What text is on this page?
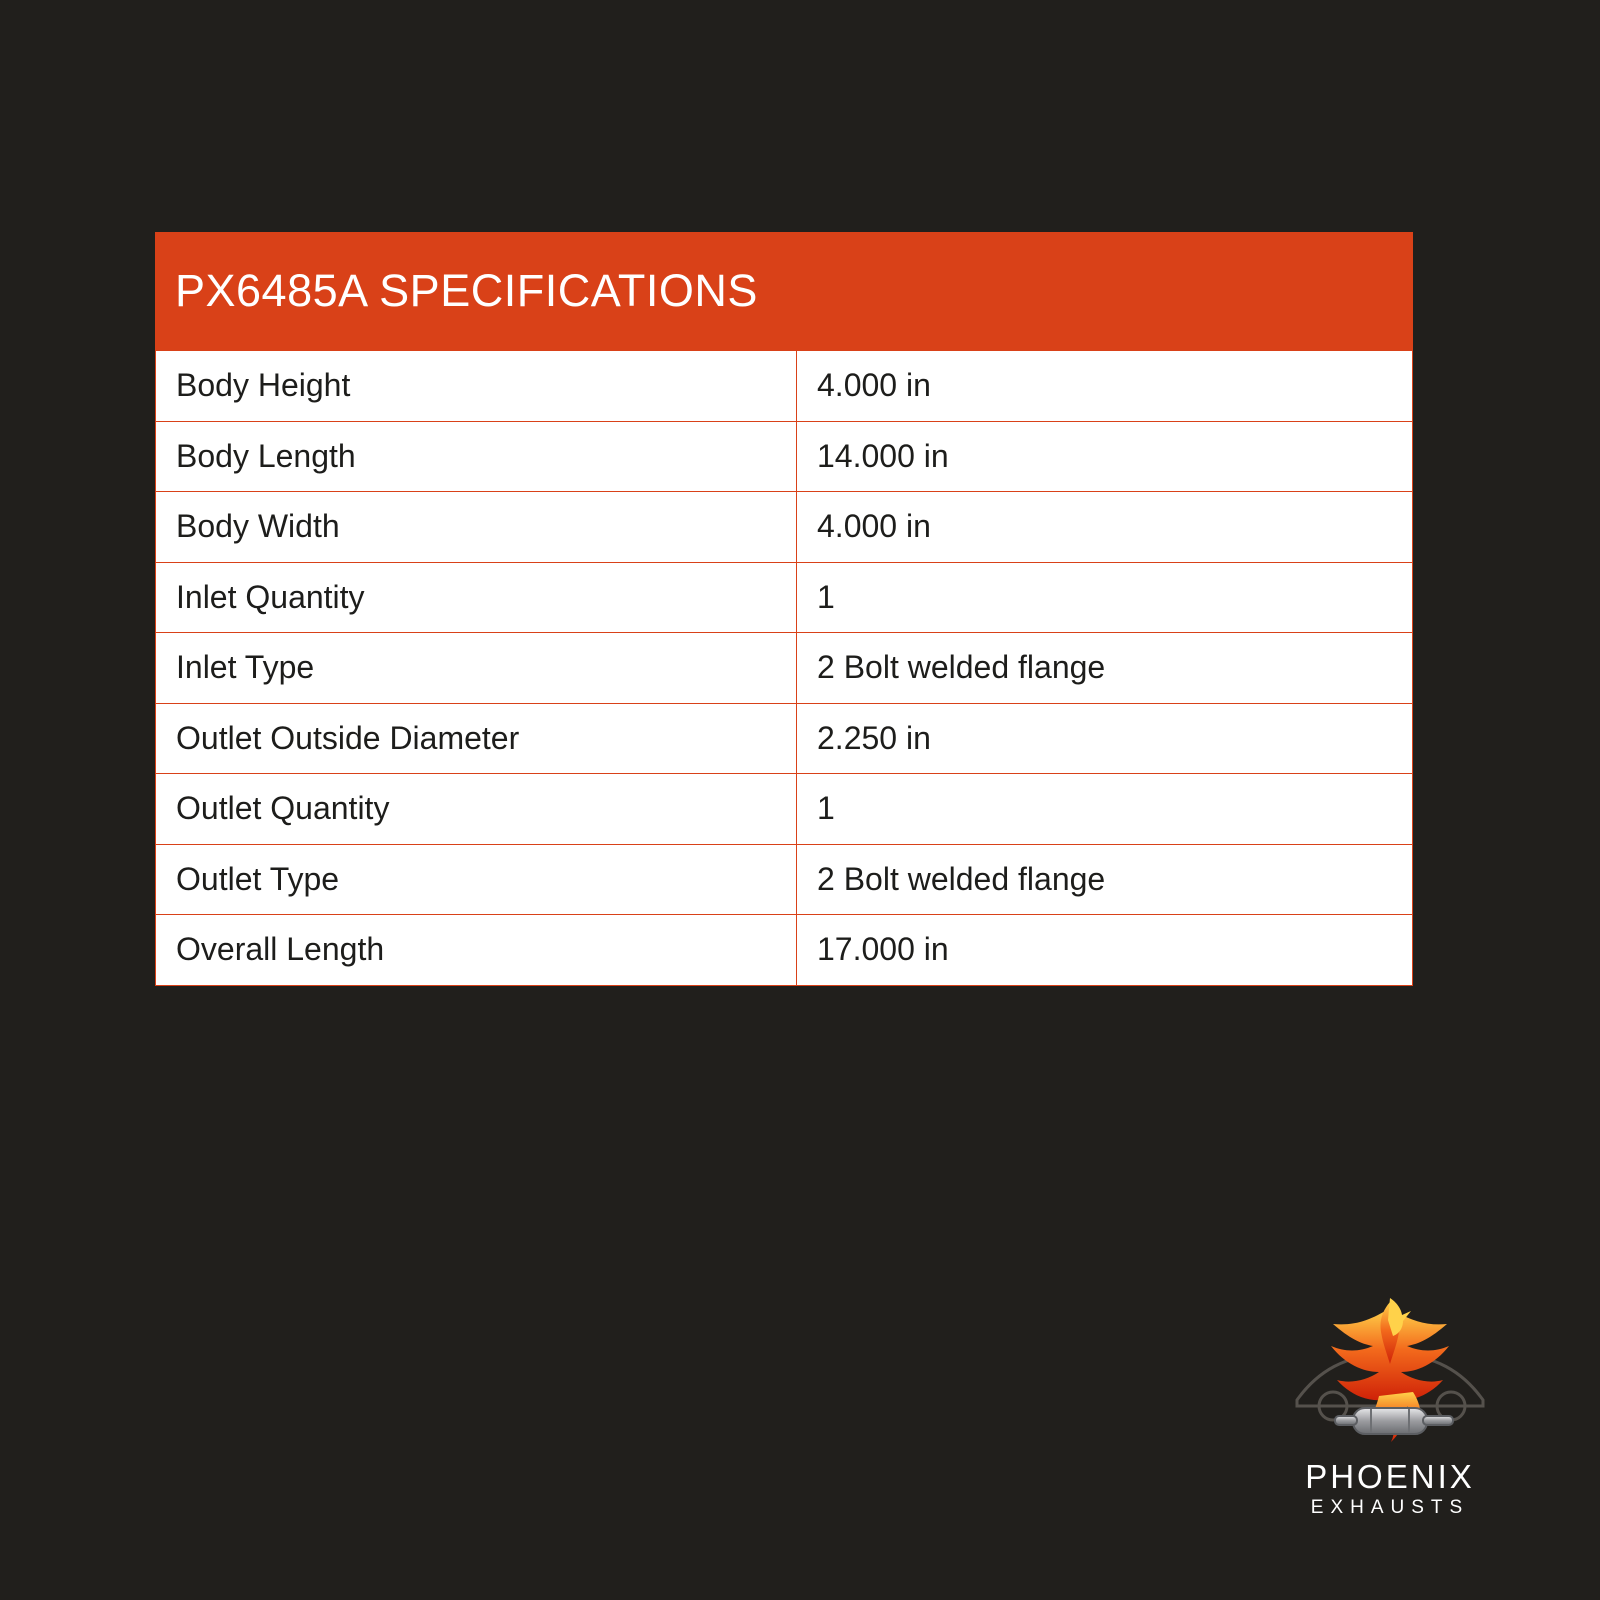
PX6485A SPECIFICATIONS
Body Height	4.000 in
Body Length	14.000 in
Body Width	4.000 in
Inlet Quantity	1
Inlet Type	2 Bolt welded flange
Outlet Outside Diameter	2.250 in
Outlet Quantity	1
Outlet Type	2 Bolt welded flange
Overall Length	17.000 in
PHOENIX
EXHAUSTS
